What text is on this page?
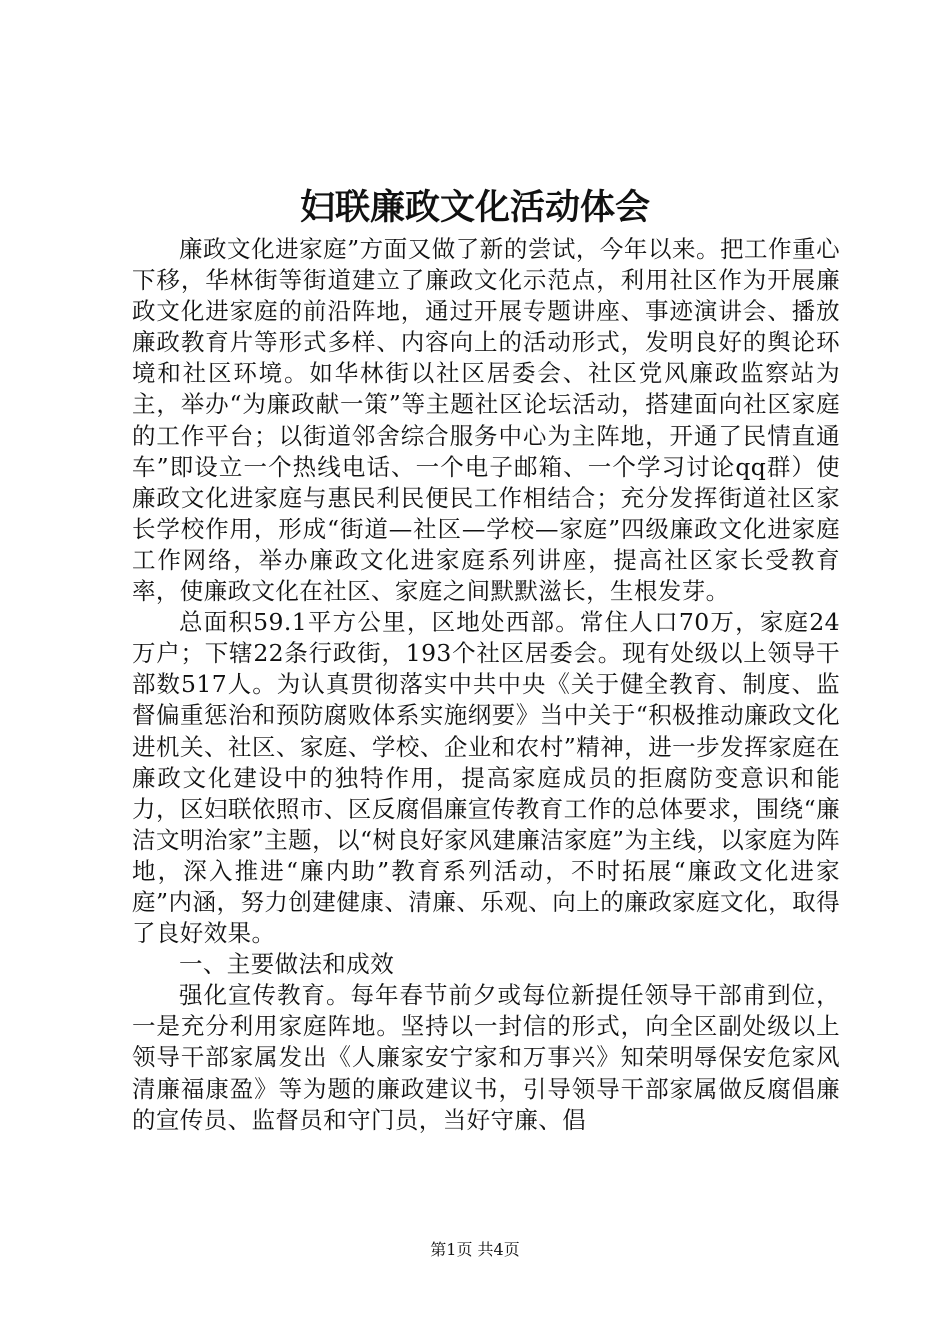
妇联廉政文化活动体会

廉政文化进家庭”方面又做了新的尝试，今年以来。把工作重心下移，华林街等街道建立了廉政文化示范点，利用社区作为开展廉政文化进家庭的前沿阵地，通过开展专题讲座、事迹演讲会、播放廉政教育片等形式多样、内容向上的活动形式，发明良好的舆论环境和社区环境。如华林街以社区居委会、社区党风廉政监察站为主，举办“为廉政献一策”等主题社区论坛活动，搭建面向社区家庭的工作平台；以街道邻舍综合服务中心为主阵地，开通了民情直通车”即设立一个热线电话、一个电子邮箱、一个学习讨论qq群）使廉政文化进家庭与惠民利民便民工作相结合；充分发挥街道社区家长学校作用，形成“街道—社区—学校—家庭”四级廉政文化进家庭工作网络，举办廉政文化进家庭系列讲座，提高社区家长受教育率，使廉政文化在社区、家庭之间默默滋长，生根发芽。

总面积59.1平方公里，区地处西部。常住人口70万，家庭24万户；下辖22条行政街，193个社区居委会。现有处级以上领导干部数517人。为认真贯彻落实中共中央《关于健全教育、制度、监督偏重惩治和预防腐败体系实施纲要》当中关于“积极推动廉政文化进机关、社区、家庭、学校、企业和农村”精神，进一步发挥家庭在廉政文化建设中的独特作用，提高家庭成员的拒腐防变意识和能力，区妇联依照市、区反腐倡廉宣传教育工作的总体要求，围绕“廉洁文明治家”主题，以“树良好家风建廉洁家庭”为主线，以家庭为阵地，深入推进“廉内助”教育系列活动，不时拓展“廉政文化进家庭”内涵，努力创建健康、清廉、乐观、向上的廉政家庭文化，取得了良好效果。

一、主要做法和成效

强化宣传教育。每年春节前夕或每位新提任领导干部甫到位，一是充分利用家庭阵地。坚持以一封信的形式，向全区副处级以上领导干部家属发出《人廉家安宁家和万事兴》知荣明辱保安危家风清廉福康盈》等为题的廉政建议书，引导领导干部家属做反腐倡廉的宣传员、监督员和守门员，当好守廉、倡

第1页 共4页
